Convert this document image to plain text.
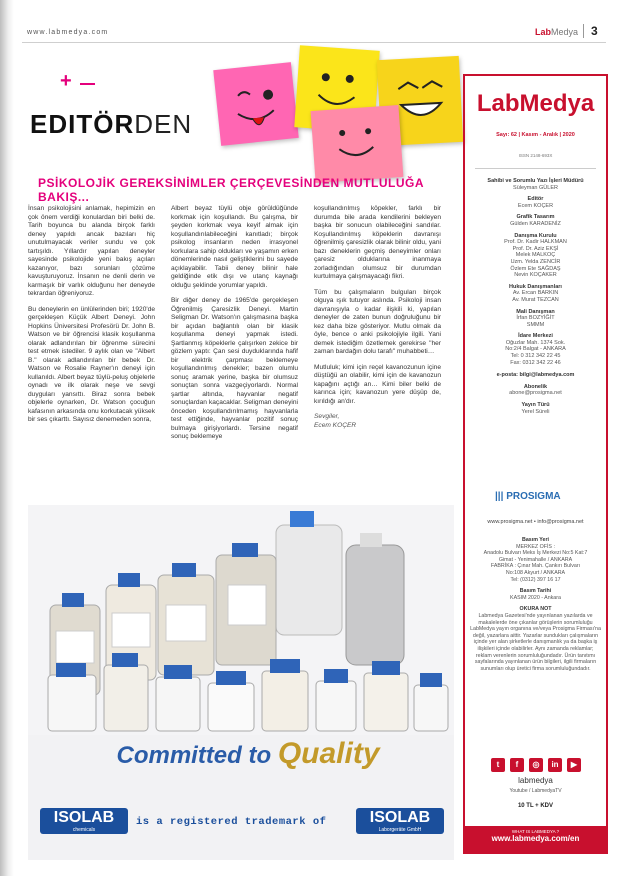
www.labmedya.com	LabMedya	3
+
EDITÖRDEN
PSİKOLOJİK GEREKSİNİMLER ÇERÇEVESİNDEN MUTLULUĞA BAKIŞ...

İnsan psikolojisini anlamak, hepimizin en çok önem verdiği konulardan biri belki de. Tarih boyunca bu alanda birçok farklı deney yapıldı ancak bazıları hiç unutulmayacak veriler sundu ve çok tartışıldı. Yıllardır yapılan deneyler sayesinde psikolojide yeni bakış açıları kazanıyor, bazı sorunları çözüme kavuşturuyoruz. İnsanın ne denli derin ve karmaşık bir varlık olduğunu her deneyde tekrardan öğreniyoruz.

Bu deneylerin en ünlülerinden biri; 1920'de gerçekleşen Küçük Albert Deneyi. John Hopkins Üniversitesi Profesörü Dr. John B. Watson ve bir öğrencisi klasik koşullanma olarak adlandırılan bir öğrenme sürecini test etmek istediler. 9 aylık olan ve "Albert B." olarak adlandırılan bir bebek Dr. Watson ve Rosalie Rayner'ın deneyi için kullanıldı. Albert beyaz tüylü-peluş objelerle oynadı ve ilk olarak neşe ve sevgi duyguları yansıttı. Biraz sonra bebek objelerle oynarken, Dr. Watson çocuğun kafasının arkasında onu korkutacak yüksek bir ses çıkarttı. Sayısız denemeden sonra,

Albert beyaz tüylü obje görüldüğünde korkmak için koşullandı. Bu çalışma, bir şeyden korkmak veya keyif almak için koşullandırılabileceğini kanıtladı; birçok psikolog insanların neden irrasyonel korkulara sahip oldukları ve yaşamın erken dönemlerinde nasıl geliştiklerini bu sayede açıklayabilir. Tabii deney bilinir hale geldiğinde etik dışı ve utanç kaynağı olduğu şeklinde yorumlar yapıldı.

Bir diğer deney de 1965'de gerçekleşen Öğrenilmiş Çaresizlik Deneyi. Martin Seligman Dr. Watson'ın çalışmasına başka bir açıdan bağlantılı olan bir klasik koşullanma deneyi yapmak istedi. Şartlanmış köpeklerle çalışırken zekice bir gözlem yaptı: Çan sesi duyduklarında hafif bir elektrik çarpması beklemeye koşullandırılmış denekler; bazen olumlu sonuç aramak yerine, başka bir olumsuz sonuçtan sonra vazgeçiyorlardı. Normal şartlar altında, hayvanlar negatif sonuçlardan kaçacaklar. Seligman deneyini önceden koşullandırılmamış hayvanlarla test ettiğinde, hayvanlar pozitif sonuç bulmaya girişiyorlardı. Tersine negatif sonuç beklemeye

koşullandırılmış köpekler, farklı bir durumda bile arada kendilerini bekleyen başka bir sonucun olabileceğini sandılar. Koşullandırılmış köpeklerin davranışı öğrenilmiş çaresizlik olarak bilinir oldu, yani bazı deneklerin geçmiş deneyimler onları çaresiz olduklarına inanmaya zorladığından olumsuz bir durumdan kurtulmaya çalışmayacağı fikri.

Tüm bu çalışmaların bulguları birçok olguya ışık tutuyor aslında. Psikoloji insan davranışıyla o kadar ilişkili ki, yapılan deneyler de zaten bunun doğruluğunu bir kez daha bize gösteriyor. Mutlu olmak da öyle, bence o anki psikolojiyle ilgili. Yani demek istediğim özetlemek gerekirse "her zaman bardağın dolu tarafı" muhabbeti…

Mutluluk; kimi için reçel kavanozunun içine düştüğü an olabilir, kimi için de kavanozun kapağını açtığı an… Kimi biler belki de karınca için; kavanozun yere düşüp de, kırıldığı an'dır.

Sevgiler,
Ecem KOÇER

Committed to Quality
ISOLAB
chemicals
is a registered trademark of	ISOLAB
Laborgeräte GmbH
LabMedya
Sayı: 62 | Kasım - Aralık | 2020
ISSN 2148-693X
Sahibi ve Sorumlu Yazı İşleri Müdürü
Süleyman GÜLER
Editör
Ecem KOÇER
Grafik Tasarım
Gülden KARADENİZ
Danışma Kurulu
Prof. Dr. Kadir HALKMAN
Prof. Dr. Aziz EKŞİ
Melek MALKOÇ
Uzm. Yelda ZENCİR
Özlem Ete SAĞDAŞ
Nevin KOÇAKER
Hukuk Danışmanları
Av. Ercan BARKIN
Av. Murat TEZCAN
Mali Danışman
İrfan BOZYİĞİT
SMMM
İdare Merkezi
Oğuzlar Mah. 1374 Sok.
No:2/4 Balgat - ANKARA
Tel: 0 312 342 22 45
Fax: 0312 342 22 46
e-posta: bilgi@labmedya.com
Abonelik
abone@prosigma.net
Yayın Türü
Yerel Süreli
||| PROSIGMA
www.prosigma.net • info@prosigma.net
Basım Yeri
MERKEZ OFİS :
Anadolu Bulvarı Meks İş Merkezi No:5 Kat:7
Gimat - Yenimahalle / ANKARA
FABRİKA : Çınar Mah. Çankırı Bulvarı
No:108 Akyurt / ANKARA
Tel: (0312) 397 16 17
Basım Tarihi
KASIM 2020 - Ankara
OKURA NOT
Labmedya Gazetesi'nde yayınlanan yazılarda ve makalelerde öne çıkanlar görüşlerin sorumluluğu LabMedya yayın organına ve/veya Prosigma Firması'na değil, yazarlara aittir. Yazarlar sundukları çalışmaların içinde yer alan şirketlerle danışmanlık ya da başka iş ilişkileri içinde olabilirler. Aynı zamanda reklamlar; reklam verenlerin sorumluluğundadır. Ürün tanıtımı sayfalarında yayınlanan ürün bilgileri, ilgili firmaların sunumları olup üretici firma sorumluluğundadır.
t	f	◎	in	▶
labmedya
Youtube / LabmedyaTV
10 TL + KDV
WHAT IS LABMEDYA ?
www.labmedya.com/en
